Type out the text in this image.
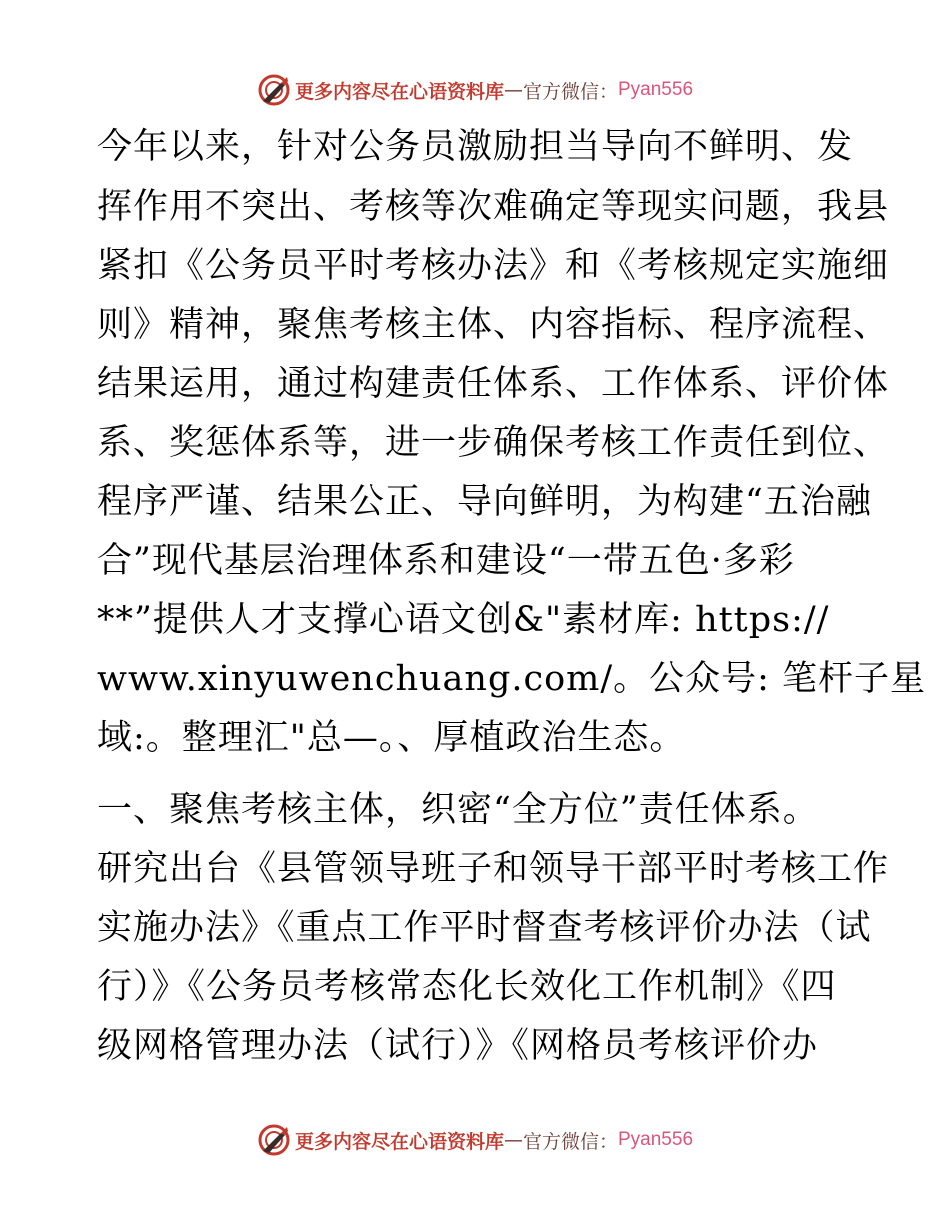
更多内容尽在心语资料库 — 官方微信： Pyan556
今年以来，针对公务员激励担当导向不鲜明、发
挥作用不突出、考核等次难确定等现实问题，我县
紧扣《公务员平时考核办法》和《考核规定实施细
则》精神，聚焦考核主体、内容指标、程序流程、
结果运用，通过构建责任体系、工作体系、评价体
系、奖惩体系等，进一步确保考核工作责任到位、
程序严谨、结果公正、导向鲜明，为构建“五治融
合”现代基层治理体系和建设“一带五色·多彩
**”提供人才支撑心语文创&"素材库: https://
www.xinyuwenchuang.com/。公众号: 笔杆子星
域:。整理汇"总—。、厚植政治生态。
一、聚焦考核主体，织密“全方位”责任体系。
研究出台《县管领导班子和领导干部平时考核工作
实施办法》《重点工作平时督查考核评价办法（试
行）》《公务员考核常态化长效化工作机制》《四
级网格管理办法（试行）》《网格员考核评价办
更多内容尽在心语资料库 — 官方微信： Pyan556
